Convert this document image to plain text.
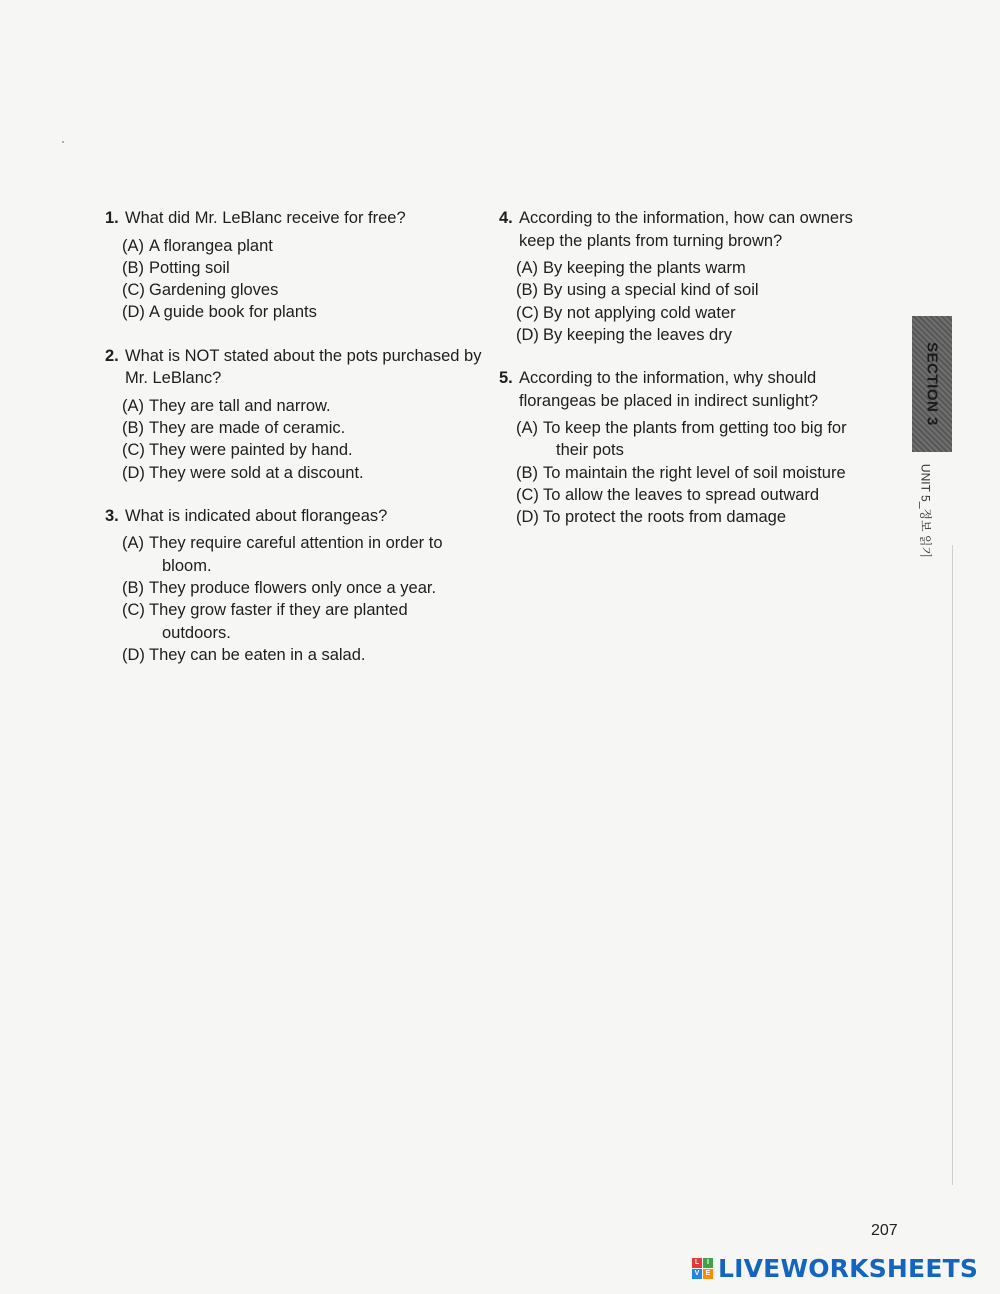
1. What did Mr. LeBlanc receive for free?
(A) A florangea plant
(B) Potting soil
(C) Gardening gloves
(D) A guide book for plants
2. What is NOT stated about the pots purchased by Mr. LeBlanc?
(A) They are tall and narrow.
(B) They are made of ceramic.
(C) They were painted by hand.
(D) They were sold at a discount.
3. What is indicated about florangeas?
(A) They require careful attention in order to
bloom.
(B) They produce flowers only once a year.
(C) They grow faster if they are planted
outdoors.
(D) They can be eaten in a salad.
4. According to the information, how can owners keep the plants from turning brown?
(A) By keeping the plants warm
(B) By using a special kind of soil
(C) By not applying cold water
(D) By keeping the leaves dry
5. According to the information, why should florangeas be placed in indirect sunlight?
(A) To keep the plants from getting too big for
their pots
(B) To maintain the right level of soil moisture
(C) To allow the leaves to spread outward
(D) To protect the roots from damage
SECTION 3
UNIT 5_정보 읽기
207
L	I
V E LIVEWORKSHEETS
